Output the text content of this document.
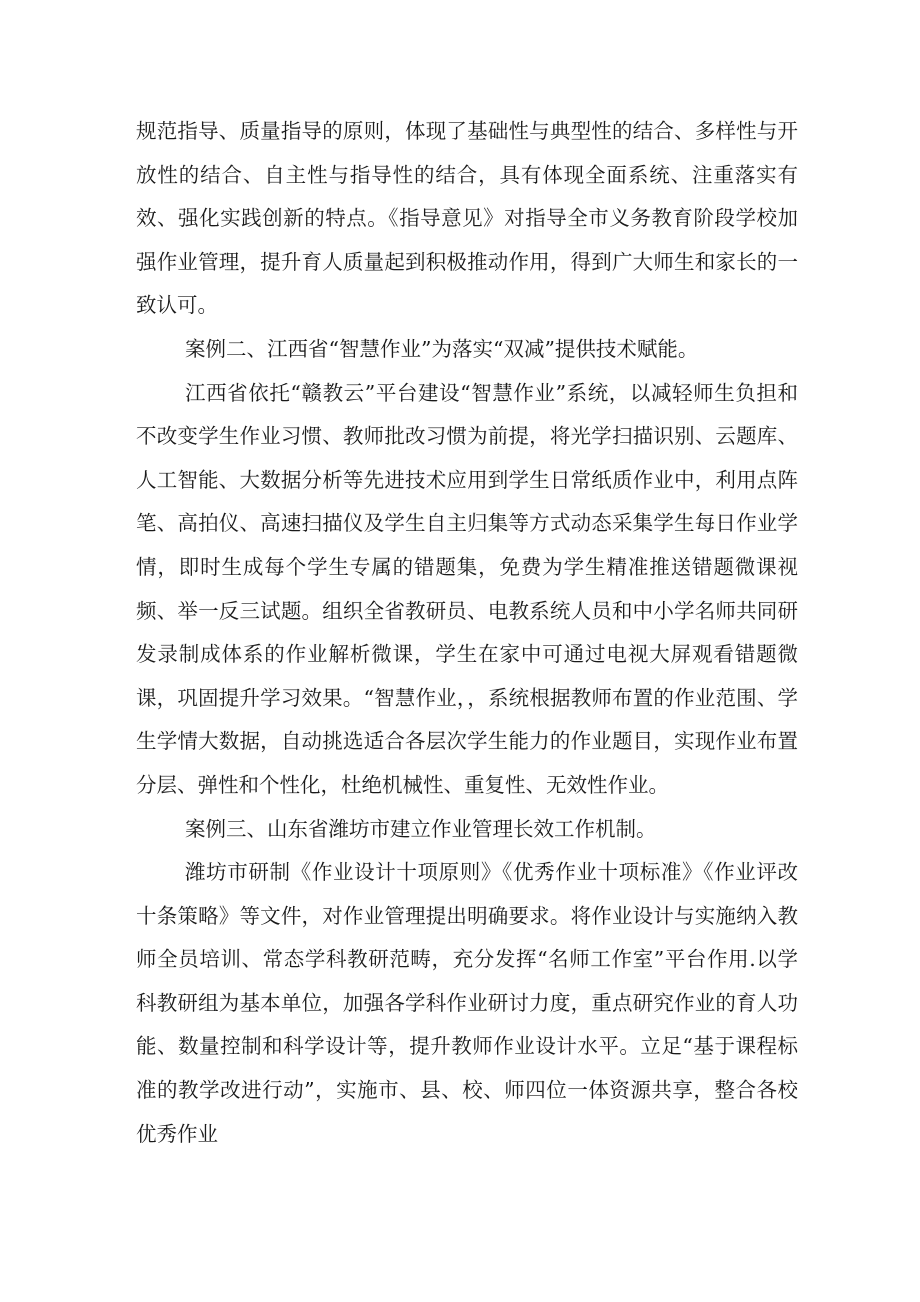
规范指导、质量指导的原则，体现了基础性与典型性的结合、多样性与开放性的结合、自主性与指导性的结合，具有体现全面系统、注重落实有效、强化实践创新的特点。《指导意见》对指导全市义务教育阶段学校加强作业管理，提升育人质量起到积极推动作用，得到广大师生和家长的一致认可。

案例二、江西省“智慧作业”为落实“双减”提供技术赋能。

江西省依托“赣教云”平台建设“智慧作业”系统，以减轻师生负担和不改变学生作业习惯、教师批改习惯为前提，将光学扫描识别、云题库、人工智能、大数据分析等先进技术应用到学生日常纸质作业中，利用点阵笔、高拍仪、高速扫描仪及学生自主归集等方式动态采集学生每日作业学情，即时生成每个学生专属的错题集，免费为学生精准推送错题微课视频、举一反三试题。组织全省教研员、电教系统人员和中小学名师共同研发录制成体系的作业解析微课，学生在家中可通过电视大屏观看错题微课，巩固提升学习效果。“智慧作业，，系统根据教师布置的作业范围、学生学情大数据，自动挑选适合各层次学生能力的作业题目，实现作业布置分层、弹性和个性化，杜绝机械性、重复性、无效性作业。

案例三、山东省潍坊市建立作业管理长效工作机制。

潍坊市研制《作业设计十项原则》《优秀作业十项标准》《作业评改十条策略》等文件，对作业管理提出明确要求。将作业设计与实施纳入教师全员培训、常态学科教研范畴，充分发挥“名师工作室”平台作用.以学科教研组为基本单位，加强各学科作业研讨力度，重点研究作业的育人功能、数量控制和科学设计等，提升教师作业设计水平。立足“基于课程标准的教学改进行动”，实施市、县、校、师四位一体资源共享，整合各校优秀作业
